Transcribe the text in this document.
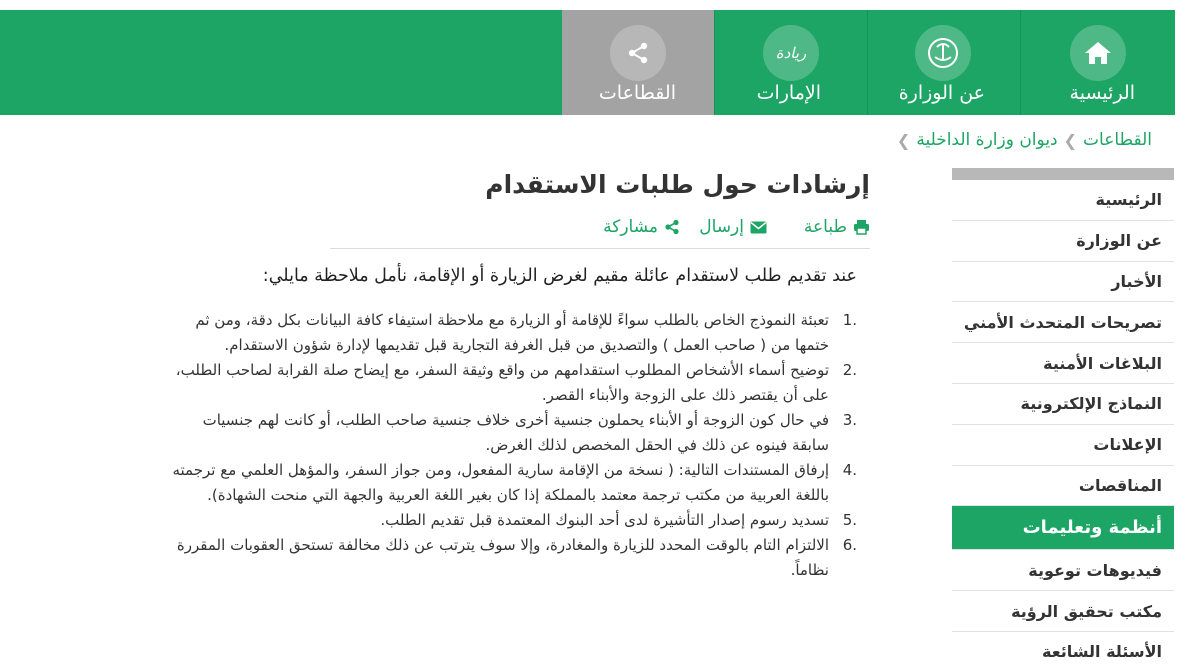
الرئيسية
عن الوزارة
ريادة
الإمارات
القطاعات
القطاعات
❯
ديوان وزارة الداخلية
❯
الرئيسية
عن الوزارة
الأخبار
تصريحات المتحدث الأمني
البلاغات الأمنية
النماذج الإلكترونية
الإعلانات
المناقصات
أنظمة وتعليمات
فيديوهات توعوية
مكتب تحقيق الرؤية
الأسئلة الشائعة
إرشادات حول طلبات الاستقدام
طباعة
إرسال
مشاركة

عند تقديم طلب لاستقدام عائلة مقيم لغرض الزيارة أو الإقامة، نأمل ملاحظة مايلي:

1.
تعبئة النموذج الخاص بالطلب سواءً للإقامة أو الزيارة مع ملاحظة استيفاء كافة البيانات بكل دقة، ومن ثم ختمها من ( صاحب العمل ) والتصديق من قبل الغرفة التجارية قبل تقديمها لإدارة شؤون الاستقدام.
2.
توضيح أسماء الأشخاص المطلوب استقدامهم من واقع وثيقة السفر، مع إيضاح صلة القرابة لصاحب الطلب، على أن يقتصر ذلك على الزوجة والأبناء القصر.
3.
في حال كون الزوجة أو الأبناء يحملون جنسية أخرى خلاف جنسية صاحب الطلب، أو كانت لهم جنسيات سابقة فينوه عن ذلك في الحقل المخصص لذلك الغرض.
4.
إرفاق المستندات التالية: ( نسخة من الإقامة سارية المفعول، ومن جواز السفر، والمؤهل العلمي مع ترجمته باللغة العربية من مكتب ترجمة معتمد بالمملكة إذا كان بغير اللغة العربية والجهة التي منحت الشهادة).
5.
تسديد رسوم إصدار التأشيرة لدى أحد البنوك المعتمدة قبل تقديم الطلب.
6.
الالتزام التام بالوقت المحدد للزيارة والمغادرة، وإلا سوف يترتب عن ذلك مخالفة تستحق العقوبات المقررة نظاماً.
